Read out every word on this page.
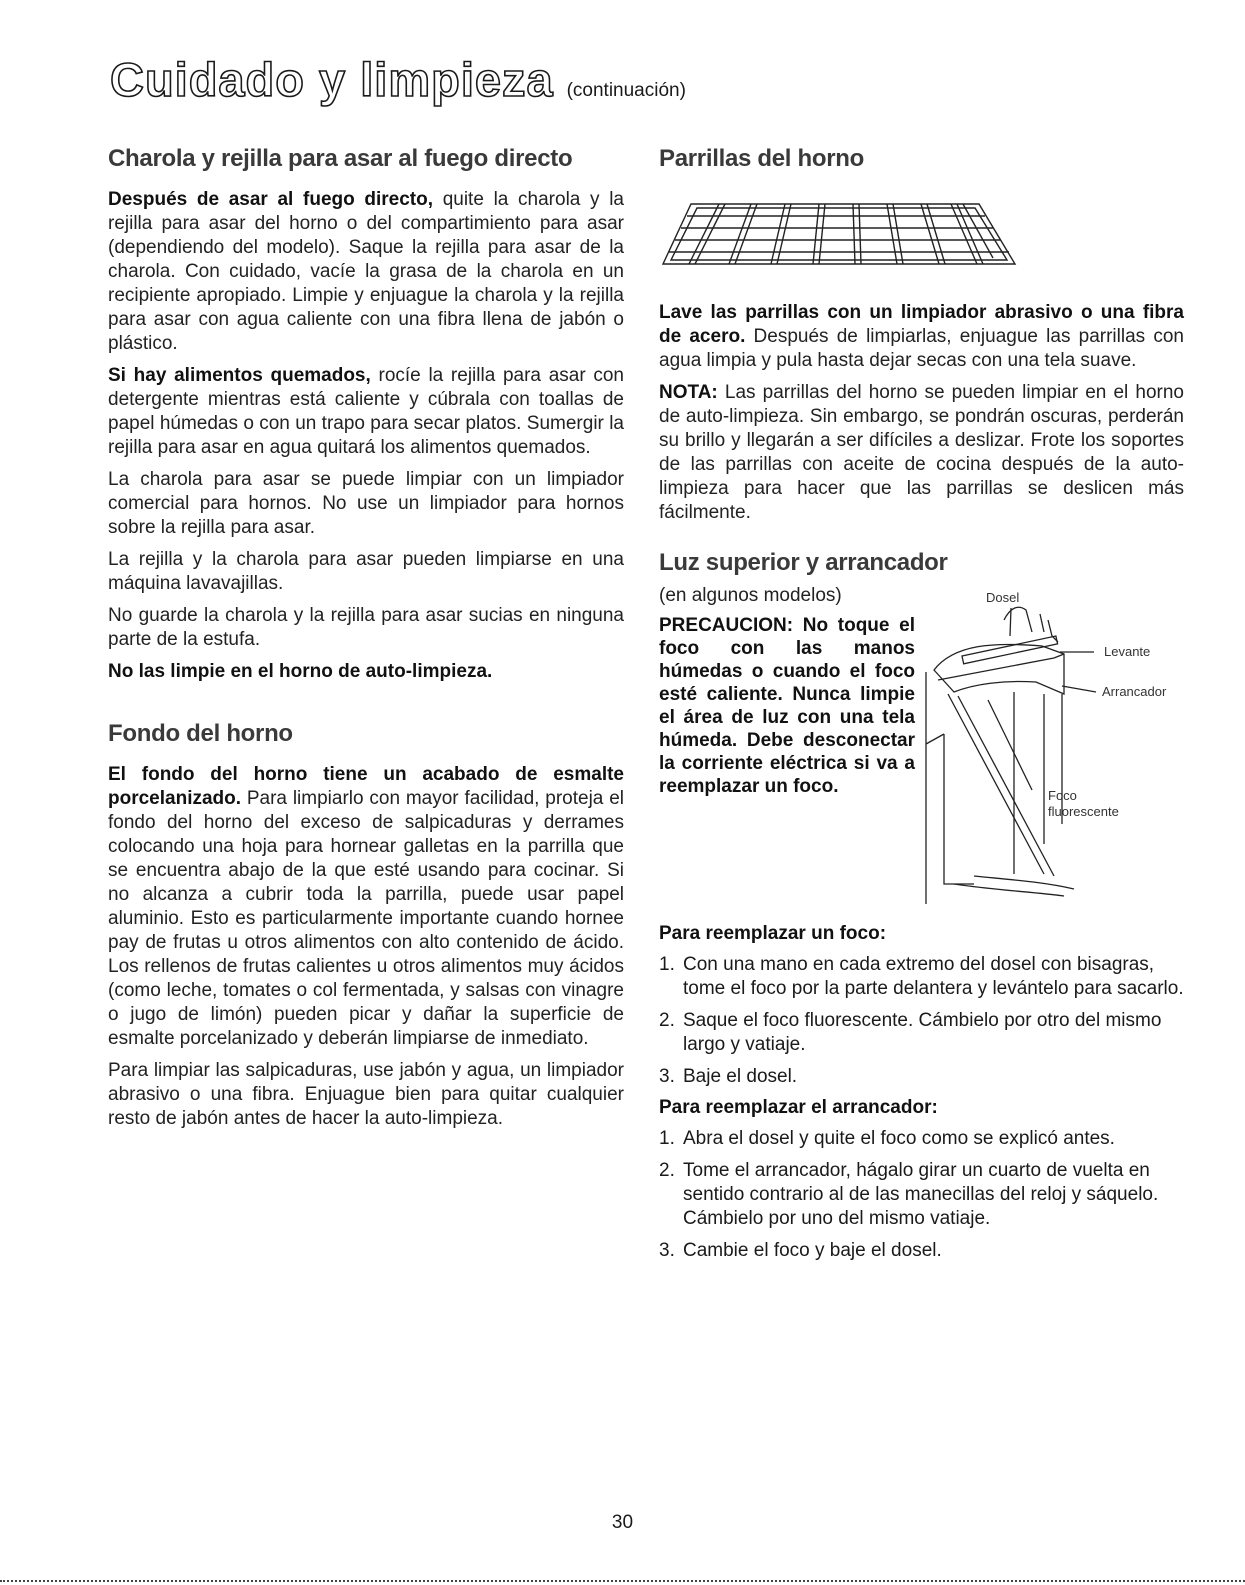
Cuidado y limpieza (continuación)
Charola y rejilla para asar al fuego directo

Después de asar al fuego directo, quite la charola y la rejilla para asar del horno o del compartimiento para asar (dependiendo del modelo). Saque la rejilla para asar de la charola. Con cuidado, vacíe la grasa de la charola en un recipiente apropiado. Limpie y enjuague la charola y la rejilla para asar con agua caliente con una fibra llena de jabón o plástico.

Si hay alimentos quemados, rocíe la rejilla para asar con detergente mientras está caliente y cúbrala con toallas de papel húmedas o con un trapo para secar platos. Sumergir la rejilla para asar en agua quitará los alimentos quemados.

La charola para asar se puede limpiar con un limpiador comercial para hornos. No use un limpiador para hornos sobre la rejilla para asar.

La rejilla y la charola para asar pueden limpiarse en una máquina lavavajillas.

No guarde la charola y la rejilla para asar sucias en ninguna parte de la estufa.

No las limpie en el horno de auto-limpieza.

Fondo del horno

El fondo del horno tiene un acabado de esmalte porcelanizado. Para limpiarlo con mayor facilidad, proteja el fondo del horno del exceso de salpicaduras y derrames colocando una hoja para hornear galletas en la parrilla que se encuentra abajo de la que esté usando para cocinar. Si no alcanza a cubrir toda la parrilla, puede usar papel aluminio. Esto es particularmente importante cuando hornee pay de frutas u otros alimentos con alto contenido de ácido. Los rellenos de frutas calientes u otros alimentos muy ácidos (como leche, tomates o col fermentada, y salsas con vinagre o jugo de limón) pueden picar y dañar la superficie de esmalte porcelanizado y deberán limpiarse de inmediato.

Para limpiar las salpicaduras, use jabón y agua, un limpiador abrasivo o una fibra. Enjuague bien para quitar cualquier resto de jabón antes de hacer la auto-limpieza.

Parrillas del horno

Lave las parrillas con un limpiador abrasivo o una fibra de acero. Después de limpiarlas, enjuague las parrillas con agua limpia y pula hasta dejar secas con una tela suave.

NOTA: Las parrillas del horno se pueden limpiar en el horno de auto-limpieza. Sin embargo, se pondrán oscuras, perderán su brillo y llegarán a ser difíciles a deslizar. Frote los soportes de las parrillas con aceite de cocina después de la auto-limpieza para hacer que las parrillas se deslicen más fácilmente.

Luz superior y arrancador

(en algunos modelos)

PRECAUCION: No toque el foco con las manos húmedas o cuando el foco esté caliente. Nunca limpie el área de luz con una tela húmeda. Debe desconectar la corriente eléctrica si va a reemplazar un foco.

Dosel
Levante
Arrancador
Foco
fluorescente
Para reemplazar un foco:
1. Con una mano en cada extremo del dosel con bisagras, tome el foco por la parte delantera y levántelo para sacarlo.
2. Saque el foco fluorescente. Cámbielo por otro del mismo largo y vatiaje.
3. Baje el dosel.
Para reemplazar el arrancador:
1. Abra el dosel y quite el foco como se explicó antes.
2. Tome el arrancador, hágalo girar un cuarto de vuelta en sentido contrario al de las manecillas del reloj y sáquelo. Cámbielo por uno del mismo vatiaje.
3. Cambie el foco y baje el dosel.
30
